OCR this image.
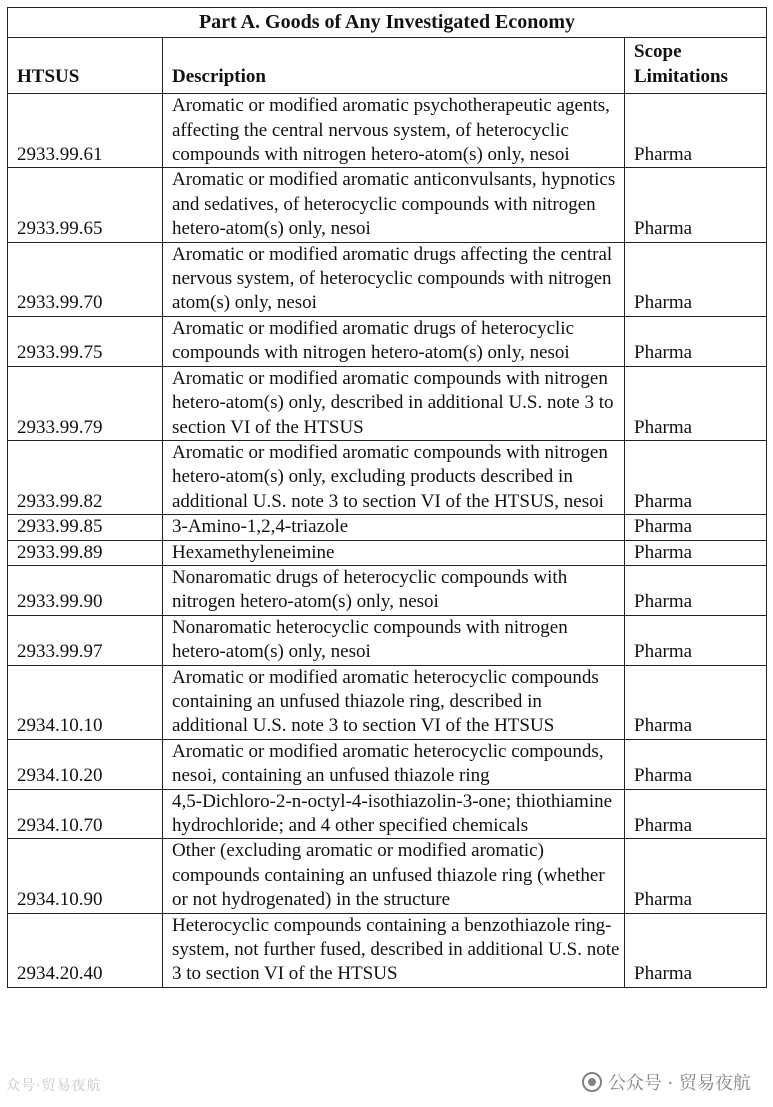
Part A. Goods of Any Investigated Economy		
HTSUS	Description	Scope Limitations
2933.99.61	Aromatic or modified aromatic psychotherapeutic agents, affecting the central nervous system, of heterocyclic compounds with nitrogen hetero-atom(s) only, nesoi	Pharma
2933.99.65	Aromatic or modified aromatic anticonvulsants, hypnotics and sedatives, of heterocyclic compounds with nitrogen hetero-atom(s) only, nesoi	Pharma
2933.99.70	Aromatic or modified aromatic drugs affecting the central nervous system, of heterocyclic compounds with nitrogen atom(s) only, nesoi	Pharma
2933.99.75	Aromatic or modified aromatic drugs of heterocyclic compounds with nitrogen hetero-atom(s) only, nesoi	Pharma
2933.99.79	Aromatic or modified aromatic compounds with nitrogen hetero-atom(s) only, described in additional U.S. note 3 to section VI of the HTSUS	Pharma
2933.99.82	Aromatic or modified aromatic compounds with nitrogen hetero-atom(s) only, excluding products described in additional U.S. note 3 to section VI of the HTSUS, nesoi	Pharma
2933.99.85	3-Amino-1,2,4-triazole	Pharma
2933.99.89	Hexamethyleneimine	Pharma
2933.99.90	Nonaromatic drugs of heterocyclic compounds with nitrogen hetero-atom(s) only, nesoi	Pharma
2933.99.97	Nonaromatic heterocyclic compounds with nitrogen hetero-atom(s) only, nesoi	Pharma
2934.10.10	Aromatic or modified aromatic heterocyclic compounds containing an unfused thiazole ring, described in additional U.S. note 3 to section VI of the HTSUS	Pharma
2934.10.20	Aromatic or modified aromatic heterocyclic compounds, nesoi, containing an unfused thiazole ring	Pharma
2934.10.70	4,5-Dichloro-2-n-octyl-4-isothiazolin-3-one; thiothiamine hydrochloride; and 4 other specified chemicals	Pharma
2934.10.90	Other (excluding aromatic or modified aromatic) compounds containing an unfused thiazole ring (whether or not hydrogenated) in the structure	Pharma
2934.20.40	Heterocyclic compounds containing a benzothiazole ring-system, not further fused, described in additional U.S. note 3 to section VI of the HTSUS	Pharma
众号·贸易夜航	公众号 · 贸易夜航
